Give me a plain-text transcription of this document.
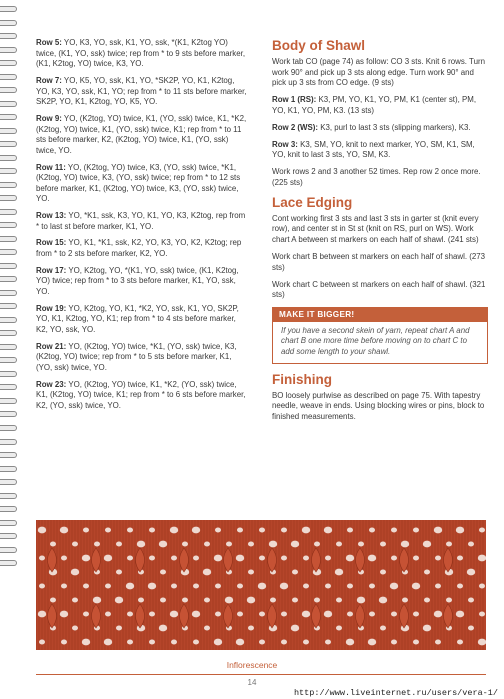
Row 5: YO, K3, YO, ssk, K1, YO, ssk, *(K1, K2tog YO) twice, (K1, YO, ssk) twice; rep from * to 9 sts before marker, (K1, K2tog, YO) twice, K3, YO.

Row 7: YO, K5, YO, ssk, K1, YO, *SK2P, YO, K1, K2tog, YO, K3, YO, ssk, K1, YO; rep from * to 11 sts before marker, SK2P, YO, K1, K2tog, YO, K5, YO.

Row 9: YO, (K2tog, YO) twice, K1, (YO, ssk) twice, K1, *K2, (K2tog, YO) twice, K1, (YO, ssk) twice, K1; rep from * to 11 sts before marker, K2, (K2tog, YO) twice, K1, (YO, ssk) twice, YO.

Row 11: YO, (K2tog, YO) twice, K3, (YO, ssk) twice, *K1, (K2tog, YO) twice, K3, (YO, ssk) twice; rep from * to 12 sts before marker, K1, (K2tog, YO) twice, K3, (YO, ssk) twice, YO.

Row 13: YO, *K1, ssk, K3, YO, K1, YO, K3, K2tog, rep from * to last st before marker, K1, YO.

Row 15: YO, K1, *K1, ssk, K2, YO, K3, YO, K2, K2tog; rep from * to 2 sts before marker, K2, YO.

Row 17: YO, K2tog, YO, *(K1, YO, ssk) twice, (K1, K2tog, YO) twice; rep from * to 3 sts before marker, K1, YO, ssk, YO.

Row 19: YO, K2tog, YO, K1, *K2, YO, ssk, K1, YO, SK2P, YO, K1, K2tog, YO, K1; rep from * to 4 sts before marker, K2, YO, ssk, YO.

Row 21: YO, (K2tog, YO) twice, *K1, (YO, ssk) twice, K3, (K2tog, YO) twice; rep from * to 5 sts before marker, K1, (YO, ssk) twice, YO.

Row 23: YO, (K2tog, YO) twice, K1, *K2, (YO, ssk) twice, K1, (K2tog, YO) twice, K1; rep from * to 6 sts before marker, K2, (YO, ssk) twice, YO.

Body of Shawl

Work tab CO (page 74) as follow: CO 3 sts. Knit 6 rows. Turn work 90° and pick up 3 sts along edge. Turn work 90° and pick up 3 sts from CO edge. (9 sts)

Row 1 (RS): K3, PM, YO, K1, YO, PM, K1 (center st), PM, YO, K1, YO, PM, K3. (13 sts)

Row 2 (WS): K3, purl to last 3 sts (slipping markers), K3.

Row 3: K3, SM, YO, knit to next marker, YO, SM, K1, SM, YO, knit to last 3 sts, YO, SM, K3.

Work rows 2 and 3 another 52 times. Rep row 2 once more. (225 sts)

Lace Edging

Cont working first 3 sts and last 3 sts in garter st (knit every row), and center st in St st (knit on RS, purl on WS). Work chart A between st markers on each half of shawl. (241 sts)

Work chart B between st markers on each half of shawl. (273 sts)

Work chart C between st markers on each half of shawl. (321 sts)

MAKE IT BIGGER!
If you have a second skein of yarn, repeat chart A and chart B one more time before moving on to chart C to add some length to your shawl.
Finishing

BO loosely purlwise as described on page 75. With tapestry needle, weave in ends. Using blocking wires or pins, block to finished measurements.

Inflorescence
14
http://www.liveinternet.ru/users/vera-1/
